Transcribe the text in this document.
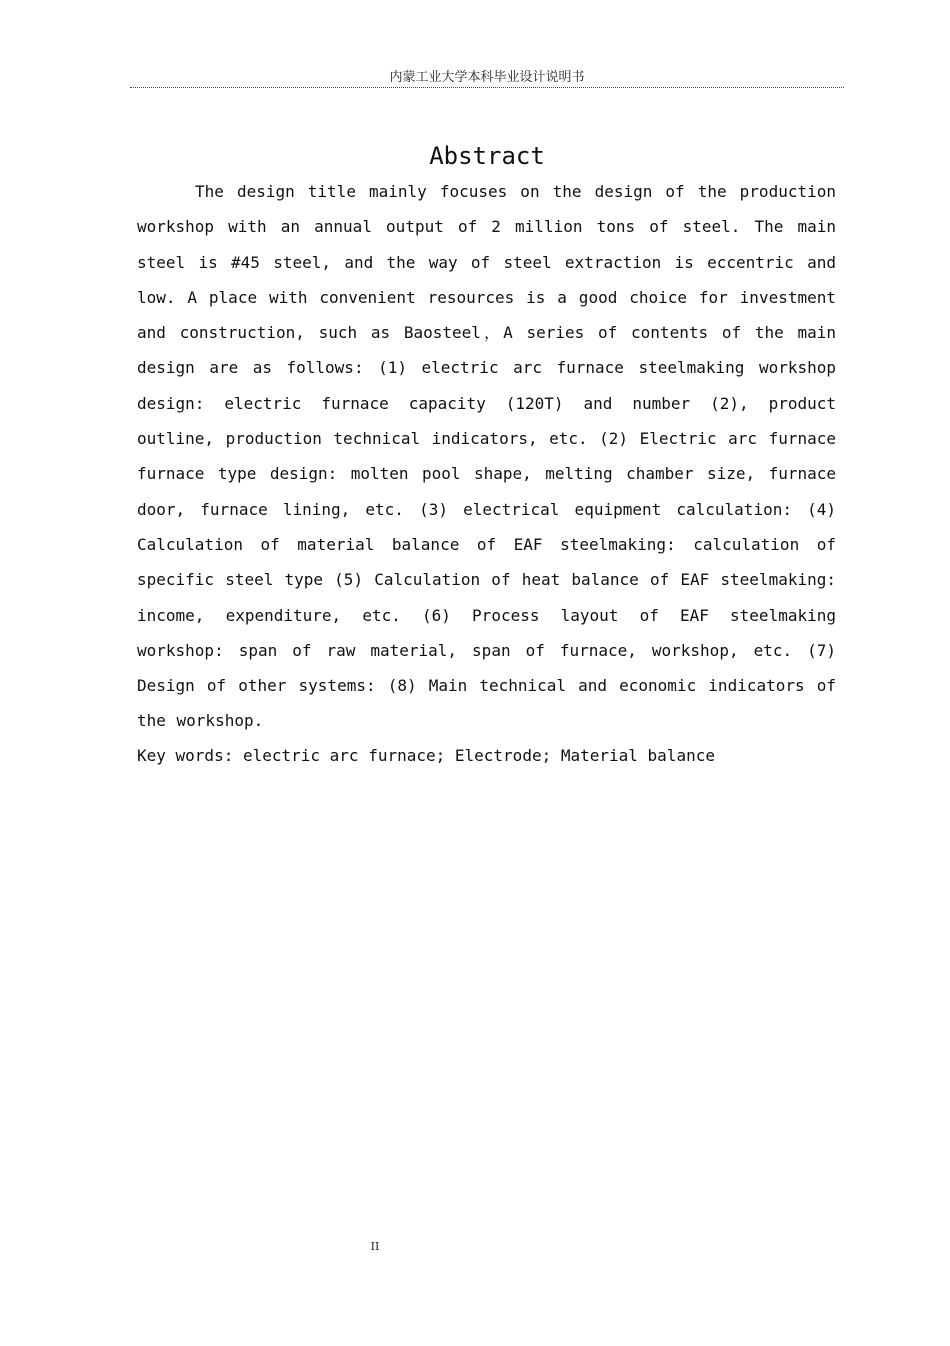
内蒙工业大学本科毕业设计说明书
Abstract

The design title mainly focuses on the design of the production workshop with an annual output of 2 million tons of steel. The main steel is #45 steel, and the way of steel extraction is eccentric and low. A place with convenient resources is a good choice for investment and construction, such as Baosteel，A series of contents of the main design are as follows: (1) electric arc furnace steelmaking workshop design: electric furnace capacity (120T) and number (2), product outline, production technical indicators, etc. (2) Electric arc furnace furnace type design: molten pool shape, melting chamber size, furnace door, furnace lining, etc. (3) electrical equipment calculation: (4) Calculation of material balance of EAF steelmaking: calculation of specific steel type (5) Calculation of heat balance of EAF steelmaking: income, expenditure, etc. (6) Process layout of EAF steelmaking workshop: span of raw material, span of furnace, workshop, etc. (7) Design of other systems: (8) Main technical and economic indicators of the workshop.

Key words: electric arc furnace; Electrode; Material balance

II
